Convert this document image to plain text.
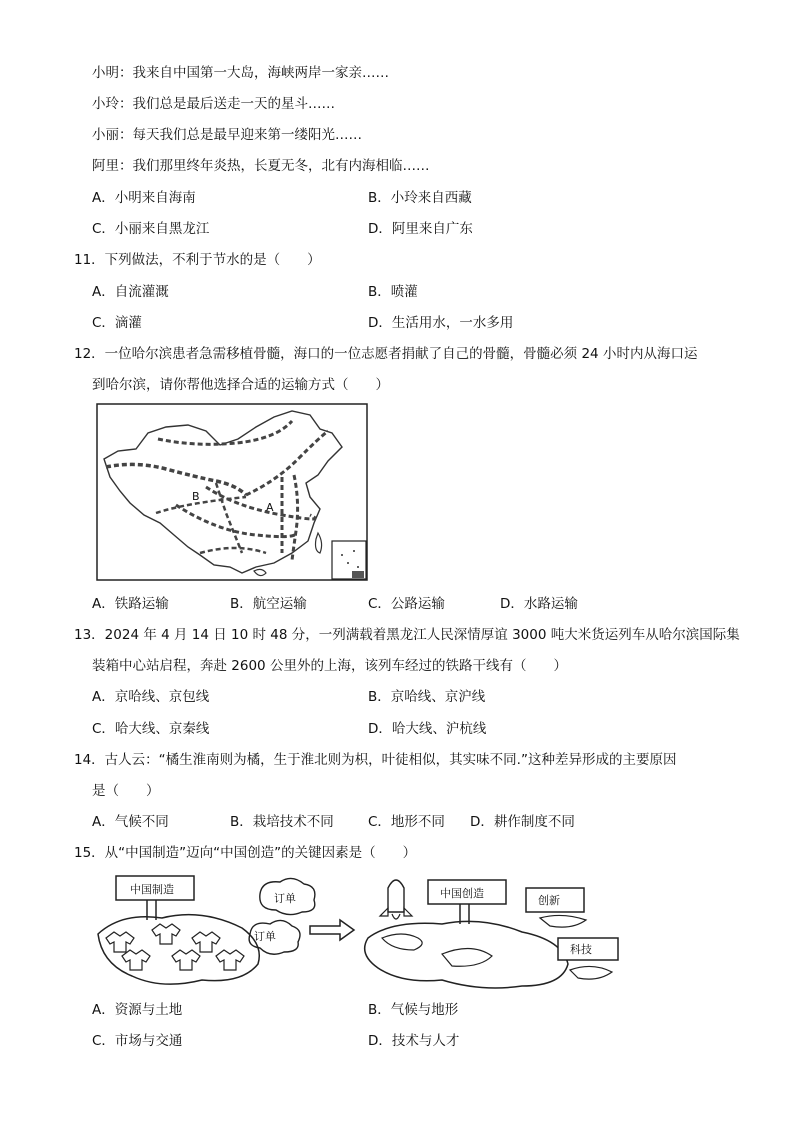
小明：我来自中国第一大岛，海峡两岸一家亲……
小玲：我们总是最后送走一天的星斗……
小丽：每天我们总是最早迎来第一缕阳光……
阿里：我们那里终年炎热，长夏无冬，北有内海相临……
A．小明来自海南	B．小玲来自西藏
C．小丽来自黑龙江	D．阿里来自广东
11．下列做法，不利于节水的是（　　）
A．自流灌溉	B．喷灌
C．滴灌	D．生活用水，一水多用
12．一位哈尔滨患者急需移植骨髓，海口的一位志愿者捐献了自己的骨髓，骨髓必须 24 小时内从海口运
到哈尔滨，请你帮他选择合适的运输方式（　　）
A
B
A．铁路运输	B．航空运输	C．公路运输	D．水路运输
13．2024 年 4 月 14 日 10 时 48 分，一列满载着黑龙江人民深情厚谊 3000 吨大米货运列车从哈尔滨国际集
装箱中心站启程，奔赴 2600 公里外的上海，该列车经过的铁路干线有（　　）
A．京哈线、京包线	B．京哈线、京沪线
C．哈大线、京秦线	D．哈大线、沪杭线
14．古人云：“橘生淮南则为橘，生于淮北则为枳，叶徒相似，其实味不同.”这种差异形成的主要原因
是（　　）
A．气候不同	B．栽培技术不同	C．地形不同 D．耕作制度不同
15．从“中国制造”迈向“中国创造”的关键因素是（　　）
中国制造
订单
订单
中国创造
创新
科技
A．资源与土地	B．气候与地形
C．市场与交通	D．技术与人才
